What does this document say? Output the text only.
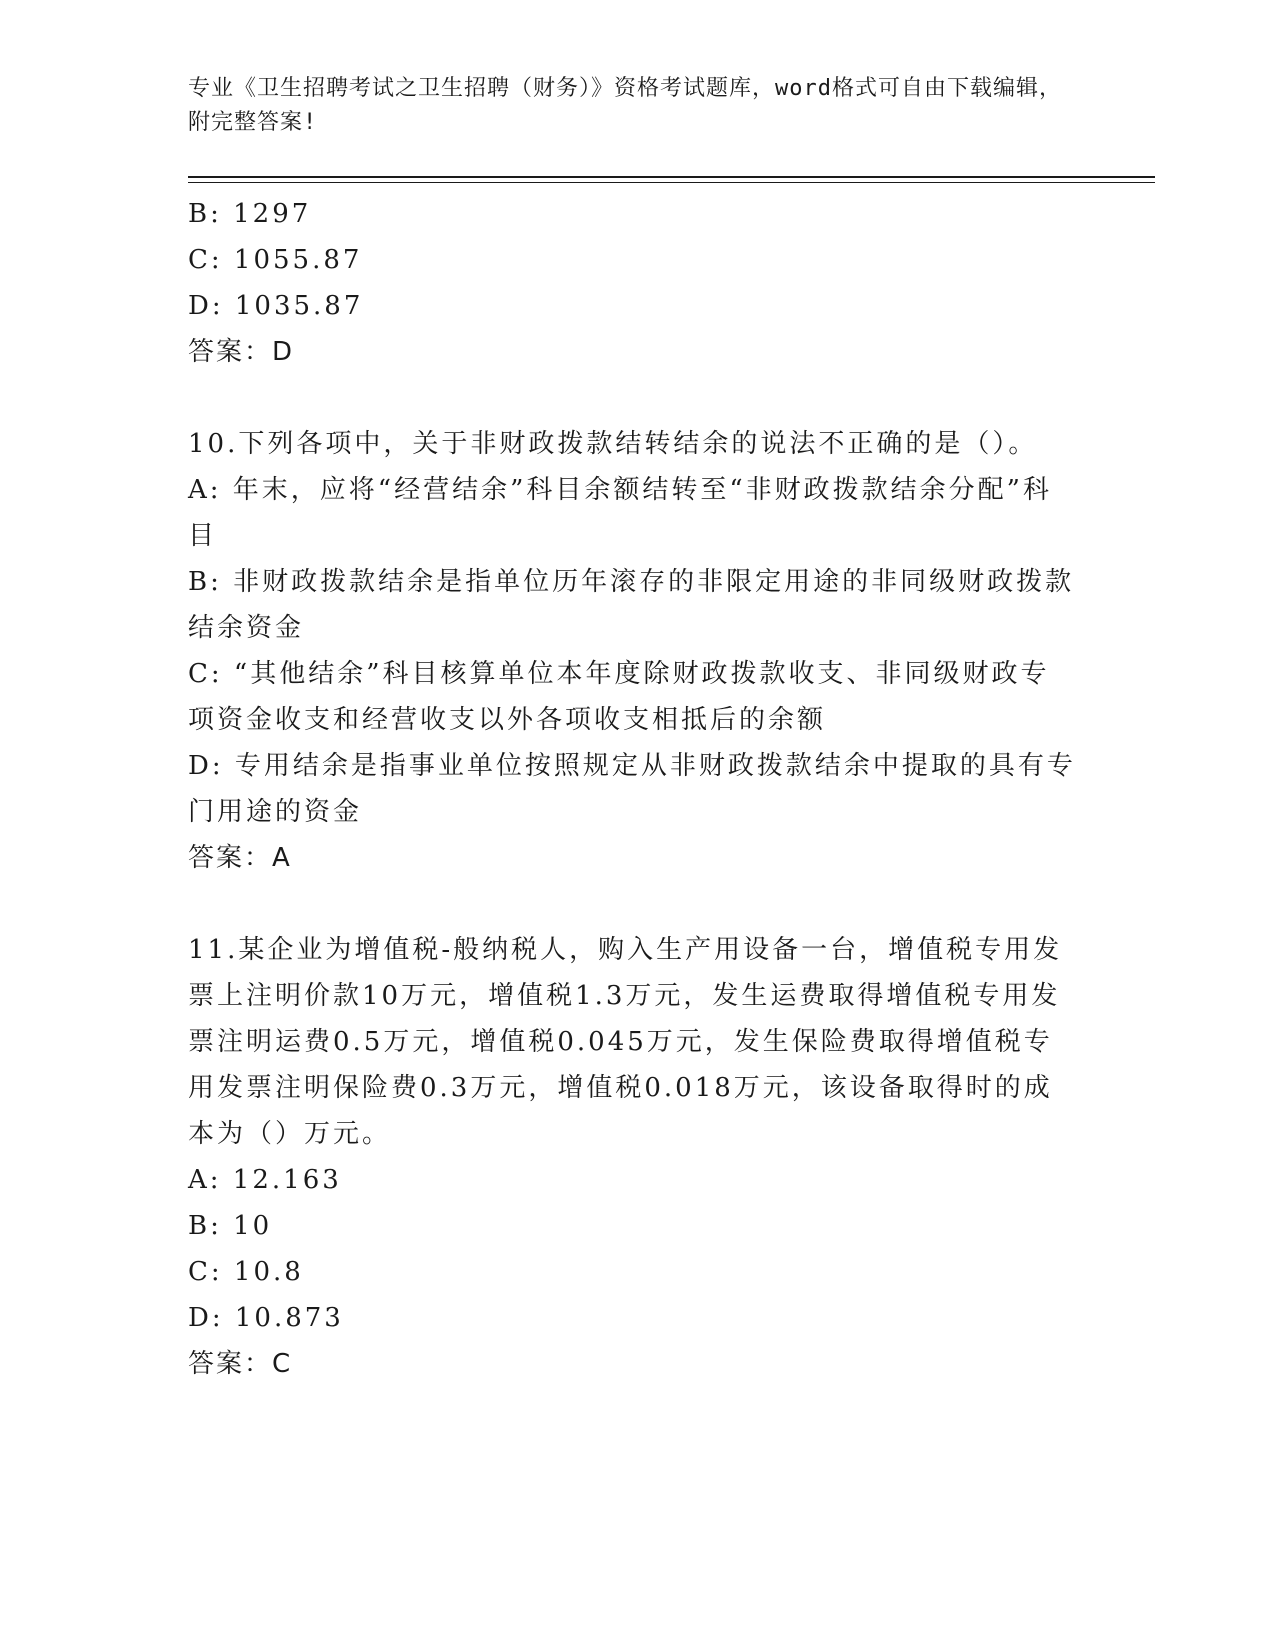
专业《卫生招聘考试之卫生招聘（财务）》资格考试题库，word格式可自由下载编辑，附完整答案!

B: 1297

C: 1055.87

D: 1035.87

答案：D

10.下列各项中，关于非财政拨款结转结余的说法不正确的是（）。

A: 年末，应将“经营结余”科目余额结转至“非财政拨款结余分配”科目

B: 非财政拨款结余是指单位历年滚存的非限定用途的非同级财政拨款结余资金

C: “其他结余”科目核算单位本年度除财政拨款收支、非同级财政专项资金收支和经营收支以外各项收支相抵后的余额

D: 专用结余是指事业单位按照规定从非财政拨款结余中提取的具有专门用途的资金

答案：A

11.某企业为增值税-般纳税人，购入生产用设备一台，增值税专用发票上注明价款10万元，增值税1.3万元，发生运费取得增值税专用发票注明运费0.5万元，增值税0.045万元，发生保险费取得增值税专用发票注明保险费0.3万元，增值税0.018万元，该设备取得时的成本为（）万元。

A: 12.163

B: 10

C: 10.8

D: 10.873

答案：C
